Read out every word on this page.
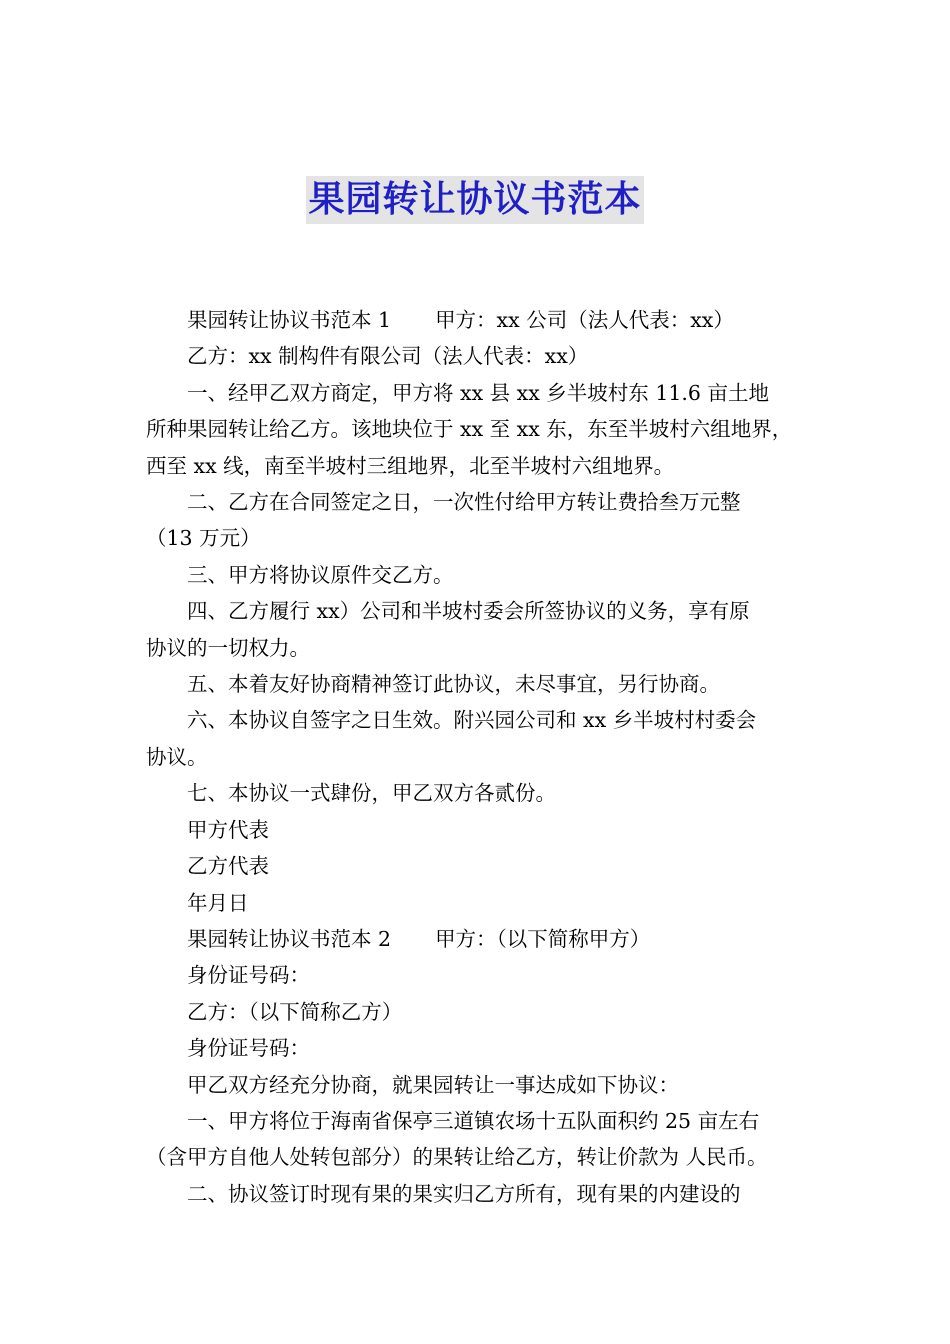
果园转让协议书范本

果园转让协议书范本 1 甲方：xx 公司（法人代表：xx）

乙方：xx 制构件有限公司（法人代表：xx）

一、经甲乙双方商定，甲方将 xx 县 xx 乡半坡村东 11.6 亩土地

所种果园转让给乙方。该地块位于 xx 至 xx 东，东至半坡村六组地界，

西至 xx 线，南至半坡村三组地界，北至半坡村六组地界。

二、乙方在合同签定之日，一次性付给甲方转让费拾叁万元整

（13 万元）

三、甲方将协议原件交乙方。

四、乙方履行 xx）公司和半坡村委会所签协议的义务，享有原

协议的一切权力。

五、本着友好协商精神签订此协议，未尽事宜，另行协商。

六、本协议自签字之日生效。附兴园公司和 xx 乡半坡村村委会

协议。

七、本协议一式肆份，甲乙双方各贰份。

甲方代表

乙方代表

年月日

果园转让协议书范本 2 甲方：（以下简称甲方）

身份证号码：

乙方：（以下简称乙方）

身份证号码：

甲乙双方经充分协商，就果园转让一事达成如下协议：

一、甲方将位于海南省保亭三道镇农场十五队面积约 25 亩左右

（含甲方自他人处转包部分）的果转让给乙方，转让价款为 人民币。

二、协议签订时现有果的果实归乙方所有，现有果的内建设的
